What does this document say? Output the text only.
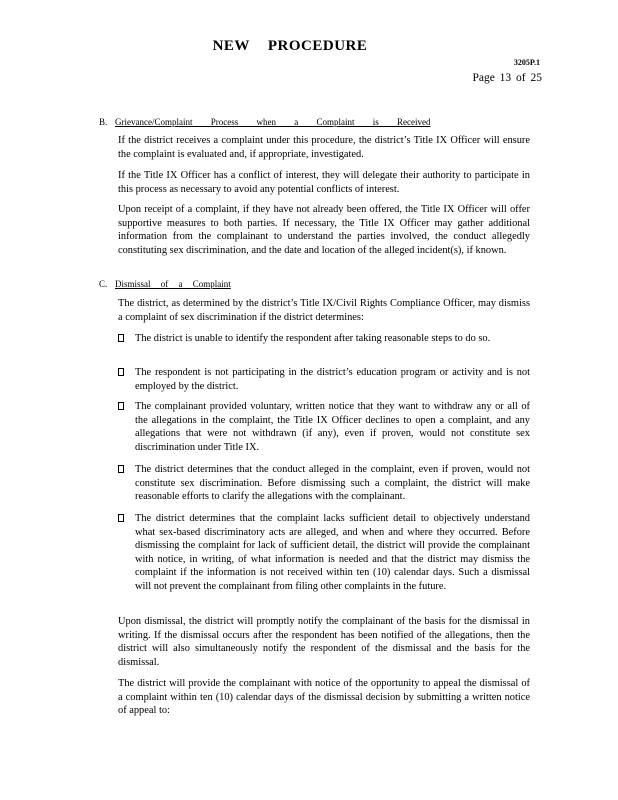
NEW PROCEDURE
3205P.1
Page 13 of 25
B. Grievance/Complaint Process when a Complaint is Received

If the district receives a complaint under this procedure, the district’s Title IX Officer will ensure the complaint is evaluated and, if appropriate, investigated.

If the Title IX Officer has a conflict of interest, they will delegate their authority to participate in this process as necessary to avoid any potential conflicts of interest.

Upon receipt of a complaint, if they have not already been offered, the Title IX Officer will offer supportive measures to both parties. If necessary, the Title IX Officer may gather additional information from the complainant to understand the parties involved, the conduct allegedly constituting sex discrimination, and the date and location of the alleged incident(s), if known.

C. Dismissal of a Complaint

The district, as determined by the district’s Title IX/Civil Rights Compliance Officer, may dismiss a complaint of sex discrimination if the district determines:

The district is unable to identify the respondent after taking reasonable steps to do so.
The respondent is not participating in the district’s education program or activity and is not employed by the district.
The complainant provided voluntary, written notice that they want to withdraw any or all of the allegations in the complaint, the Title IX Officer declines to open a complaint, and any allegations that were not withdrawn (if any), even if proven, would not constitute sex discrimination under Title IX.
The district determines that the conduct alleged in the complaint, even if proven, would not constitute sex discrimination. Before dismissing such a complaint, the district will make reasonable efforts to clarify the allegations with the complainant.
The district determines that the complaint lacks sufficient detail to objectively understand what sex-based discriminatory acts are alleged, and when and where they occurred. Before dismissing the complaint for lack of sufficient detail, the district will provide the complainant with notice, in writing, of what information is needed and that the district may dismiss the complaint if the information is not received within ten (10) calendar days. Such a dismissal will not prevent the complainant from filing other complaints in the future.

Upon dismissal, the district will promptly notify the complainant of the basis for the dismissal in writing. If the dismissal occurs after the respondent has been notified of the allegations, then the district will also simultaneously notify the respondent of the dismissal and the basis for the dismissal.

The district will provide the complainant with notice of the opportunity to appeal the dismissal of a complaint within ten (10) calendar days of the dismissal decision by submitting a written notice of appeal to:
